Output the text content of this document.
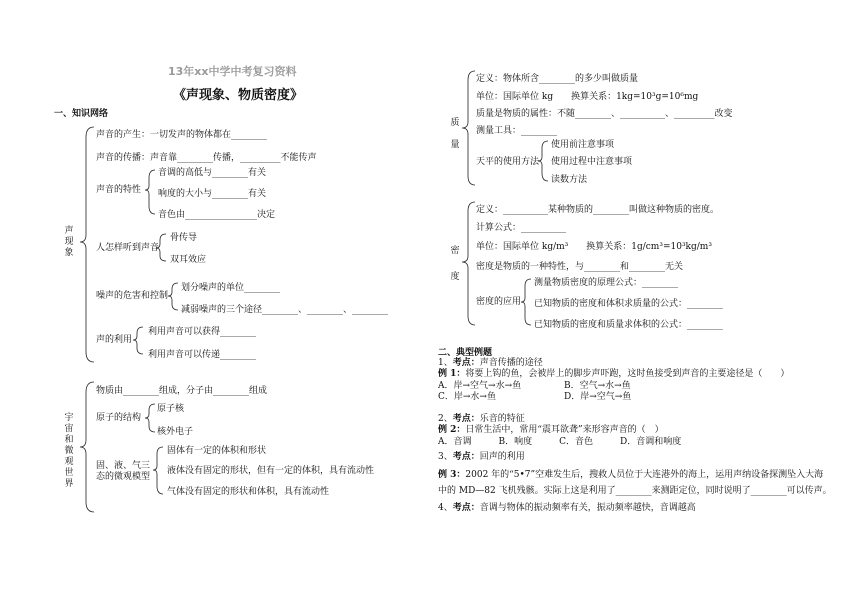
13年xx中学中考复习资料
《声现象、物质密度》
一、知识网络
声现象
声音的产生：一切发声的物体都在________
声音的传播：声音靠________传播，_________不能传声
声音的特性
音调的高低与________有关
响度的大小与________有关
音色由________________决定
人怎样听到声音
骨传导
双耳效应
噪声的危害和控制
划分噪声的单位________
减弱噪声的三个途径________、________、________
声的利用
利用声音可以获得________
利用声音可以传递________
宇宙和微观世界
物质由________组成，分子由________组成
原子的结构
原子核
核外电子
固、液、气三态的微观模型
固体有一定的体积和形状
液体没有固定的形状，但有一定的体积，具有流动性
气体没有固定的形状和体积，具有流动性
质量
定义：物体所含________的多少叫做质量
单位：国际单位 kg　　换算关系：1kg=10³g=10⁶mg
质量是物质的属性：不随________、__________、_________改变
测量工具：________
天平的使用方法
使用前注意事项
使用过程中注意事项
读数方法
密度
定义：__________某种物质的________叫做这种物质的密度。
计算公式：__________
单位：国际单位 kg/m³　　换算关系：1g/cm³=10³kg/m³
密度是物质的一种特性，与________和________无关
密度的应用
测量物质密度的原理公式：________
已知物质的密度和体积求质量的公式：________
已知物质的密度和质量求体积的公式：________
二、典型例题
1、考点：声音传播的途径
例 1：将要上钩的鱼，会被岸上的脚步声吓跑，这时鱼接受到声音的主要途径是（　　）
A．岸→空气→水→鱼	B．空气→水→鱼
C．岸→水→鱼	D．岸→空气→鱼
2、考点：乐音的特征
例 2：日常生活中，常用“震耳欲聋”来形容声音的（　）
A．音调　　　B．响度　　　C．音色　　　D．音调和响度
3、考点：回声的利用
例 3：2002 年的“5•7”空难发生后，搜救人员位于大连港外的海上，运用声纳设备探测坠入大海
中的 MD—82 飞机残骸。实际上这是利用了________来测距定位，同时说明了________可以传声。
4、考点：音调与物体的振动频率有关，振动频率越快，音调越高
